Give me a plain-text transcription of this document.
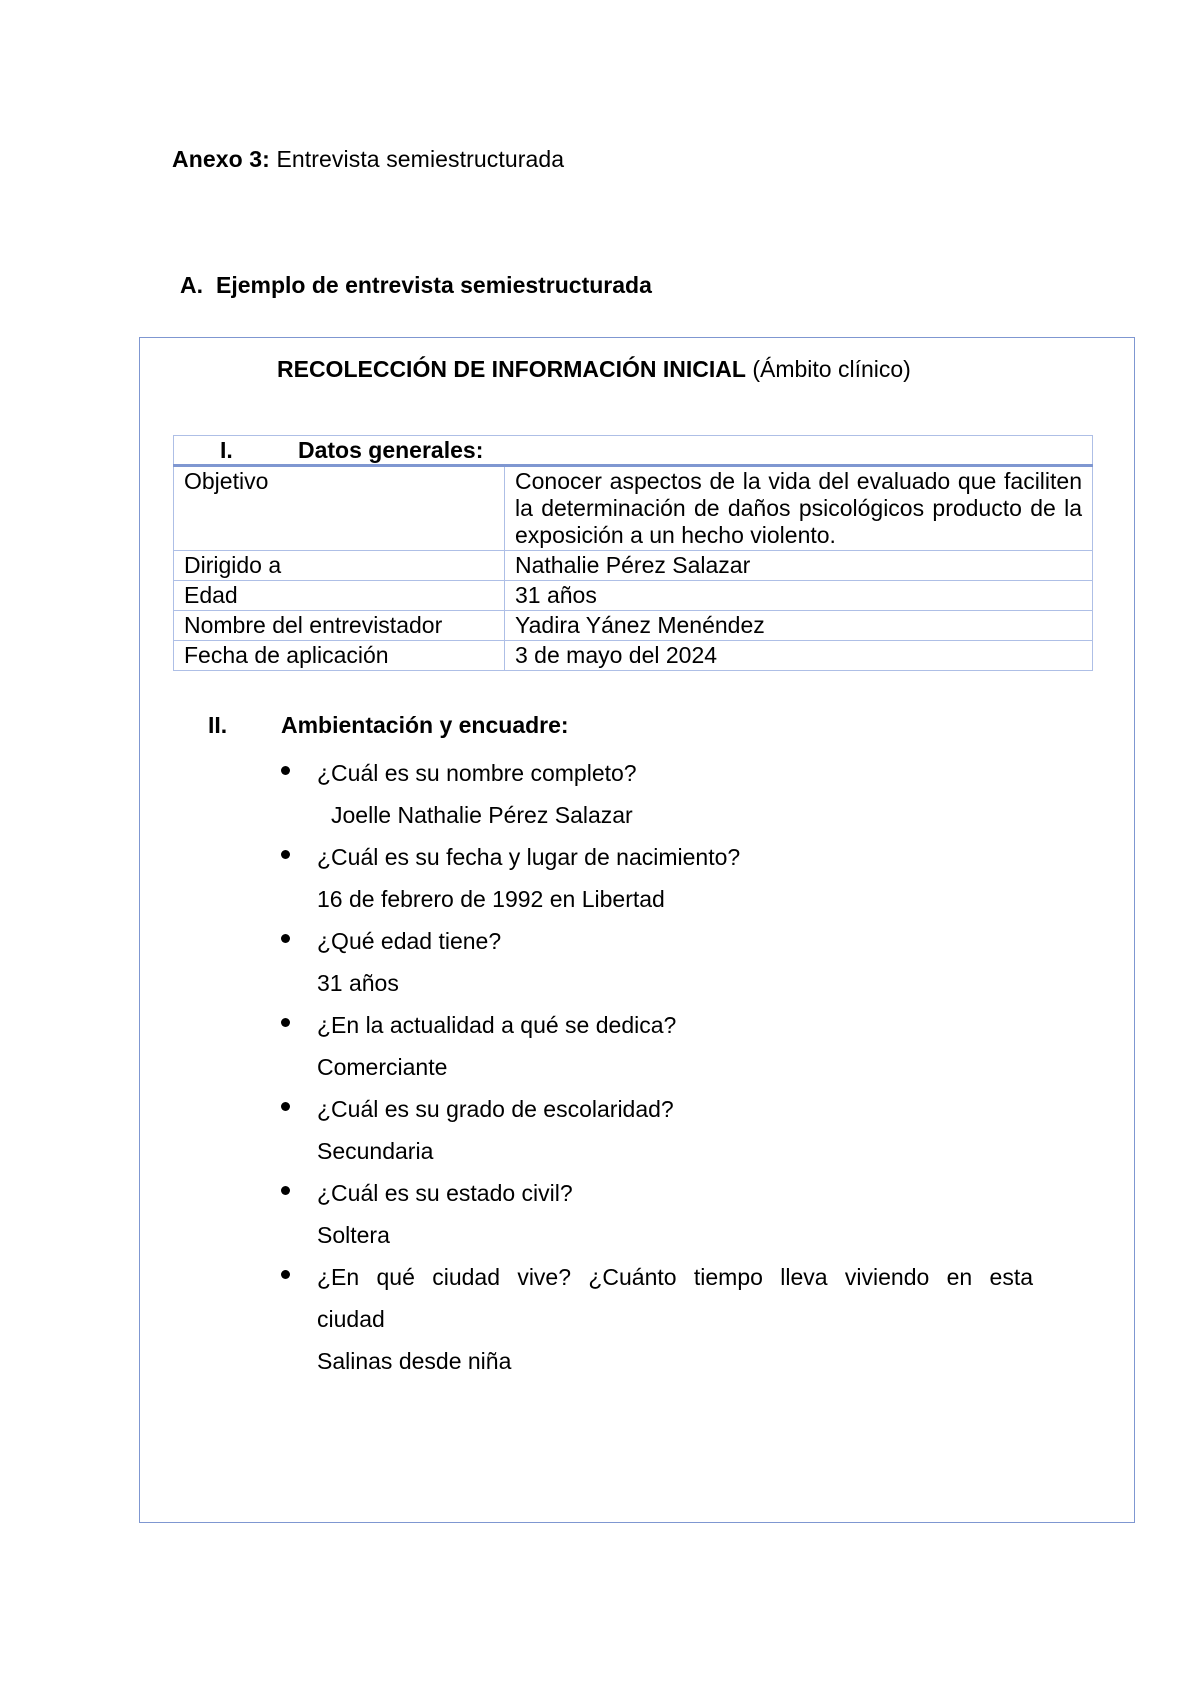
Anexo 3: Entrevista semiestructurada
A. Ejemplo de entrevista semiestructurada
RECOLECCIÓN DE INFORMACIÓN INICIAL (Ámbito clínico)
I. Datos generales:	
Objetivo	Conocer aspectos de la vida del evaluado que faciliten la determinación de daños psicológicos producto de la exposición a un hecho violento.
Dirigido a	Nathalie Pérez Salazar
Edad	31 años
Nombre del entrevistador	Yadira Yánez Menéndez
Fecha de aplicación	3 de mayo del 2024
II. Ambientación y encuadre:
¿Cuál es su nombre completo?
Joelle Nathalie Pérez Salazar
¿Cuál es su fecha y lugar de nacimiento?
16 de febrero de 1992 en Libertad
¿Qué edad tiene?
31 años
¿En la actualidad a qué se dedica?
Comerciante
¿Cuál es su grado de escolaridad?
Secundaria
¿Cuál es su estado civil?
Soltera
¿En qué ciudad vive? ¿Cuánto tiempo lleva viviendo en esta
ciudad
Salinas desde niña
